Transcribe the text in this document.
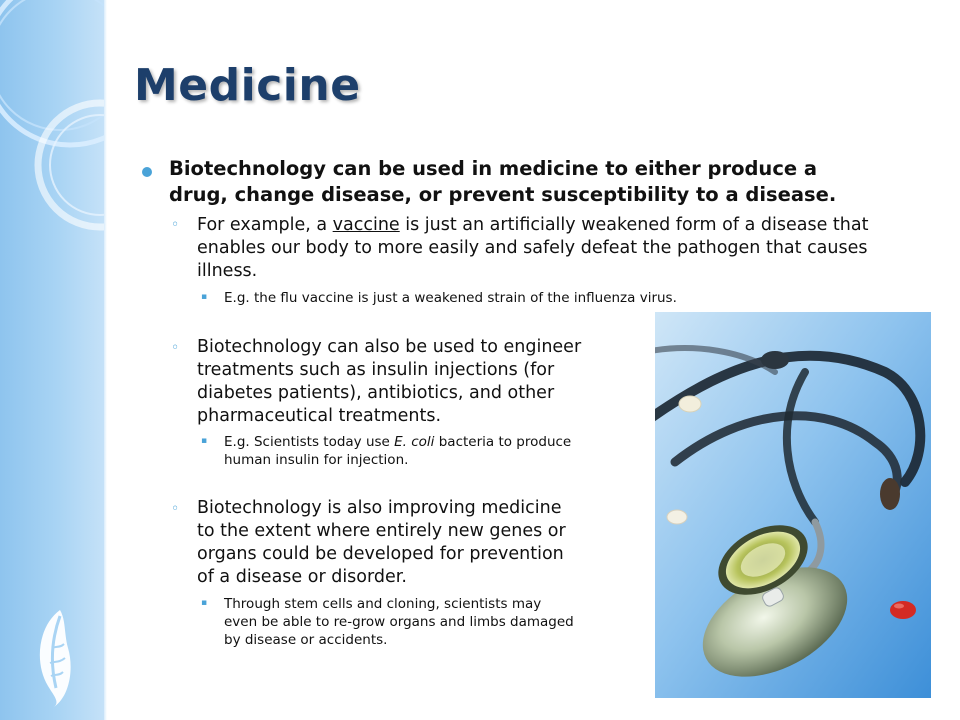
Medicine

Biotechnology can be used in medicine to either produce a
drug, change disease, or prevent susceptibility to a disease.

◦ For example, a vaccine is just an artificially weakened form of a disease that
enables our body to more easily and safely defeat the pathogen that causes
illness.

▪ E.g. the flu vaccine is just a weakened strain of the influenza virus.

◦ Biotechnology can also be used to engineer
treatments such as insulin injections (for
diabetes patients), antibiotics, and other
pharmaceutical treatments.

▪ E.g. Scientists today use E. coli bacteria to produce
human insulin for injection.

◦ Biotechnology is also improving medicine
to the extent where entirely new genes or
organs could be developed for prevention
of a disease or disorder.

▪ Through stem cells and cloning, scientists may
even be able to re-grow organs and limbs damaged
by disease or accidents.
